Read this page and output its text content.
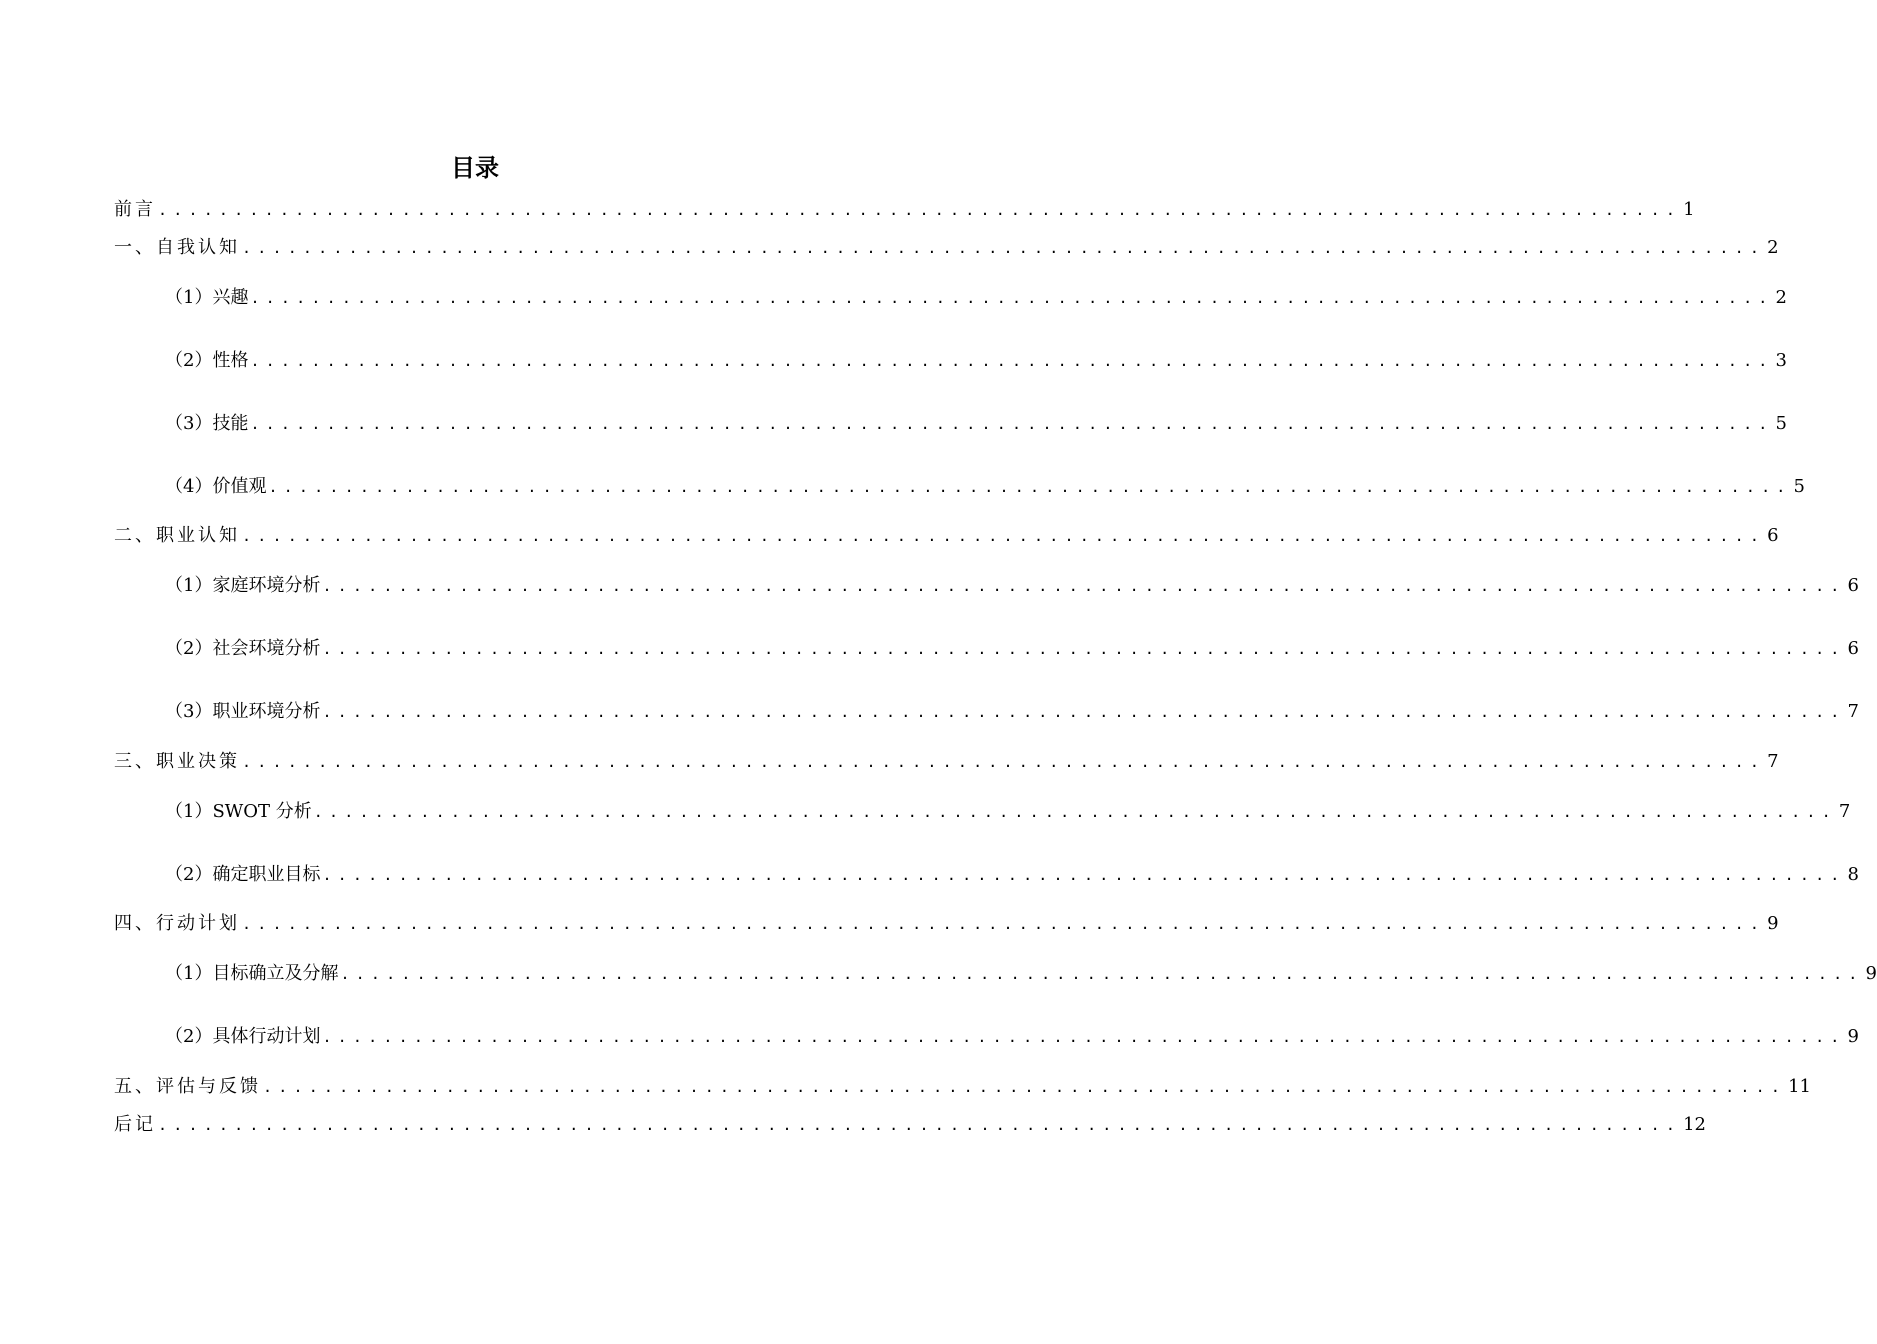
目录
前言 .................................................................................................... 1
一、自我认知 .................................................................................................... 2
（1）兴趣 .................................................................................................... 2
（2）性格 .................................................................................................... 3
（3）技能 .................................................................................................... 5
（4）价值观 .................................................................................................... 5
二、职业认知 .................................................................................................... 6
（1）家庭环境分析 .................................................................................................... 6
（2）社会环境分析 .................................................................................................... 6
（3）职业环境分析 .................................................................................................... 7
三、职业决策 .................................................................................................... 7
（1）SWOT 分析 .................................................................................................... 7
（2）确定职业目标 .................................................................................................... 8
四、行动计划 .................................................................................................... 9
（1）目标确立及分解 .................................................................................................... 9
（2）具体行动计划 .................................................................................................... 9
五、评估与反馈 .................................................................................................... 11
后记 .................................................................................................... 12
